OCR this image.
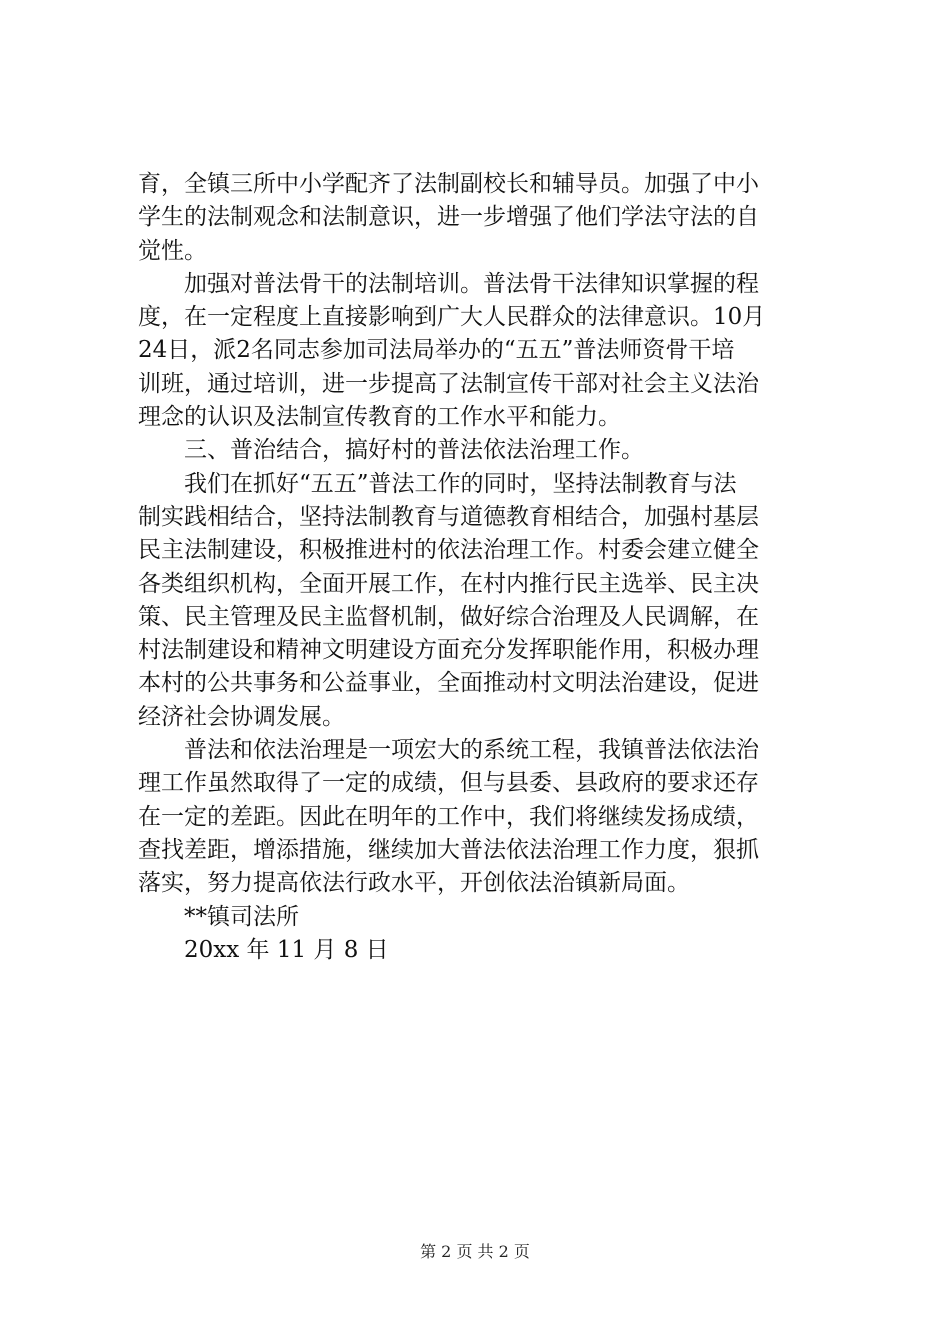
育，全镇三所中小学配齐了法制副校长和辅导员。加强了中小
学生的法制观念和法制意识，进一步增强了他们学法守法的自
觉性。
加强对普法骨干的法制培训。普法骨干法律知识掌握的程
度，在一定程度上直接影响到广大人民群众的法律意识。10月
24日，派2名同志参加司法局举办的“五五”普法师资骨干培
训班，通过培训，进一步提高了法制宣传干部对社会主义法治
理念的认识及法制宣传教育的工作水平和能力。
三、普治结合，搞好村的普法依法治理工作。
我们在抓好“五五”普法工作的同时，坚持法制教育与法
制实践相结合，坚持法制教育与道德教育相结合，加强村基层
民主法制建设，积极推进村的依法治理工作。村委会建立健全
各类组织机构，全面开展工作，在村内推行民主选举、民主决
策、民主管理及民主监督机制，做好综合治理及人民调解，在
村法制建设和精神文明建设方面充分发挥职能作用，积极办理
本村的公共事务和公益事业，全面推动村文明法治建设，促进
经济社会协调发展。
普法和依法治理是一项宏大的系统工程，我镇普法依法治
理工作虽然取得了一定的成绩，但与县委、县政府的要求还存
在一定的差距。因此在明年的工作中，我们将继续发扬成绩，
查找差距，增添措施，继续加大普法依法治理工作力度，狠抓
落实，努力提高依法行政水平，开创依法治镇新局面。
**镇司法所
20xx 年 11 月 8 日
第 2 页 共 2 页
